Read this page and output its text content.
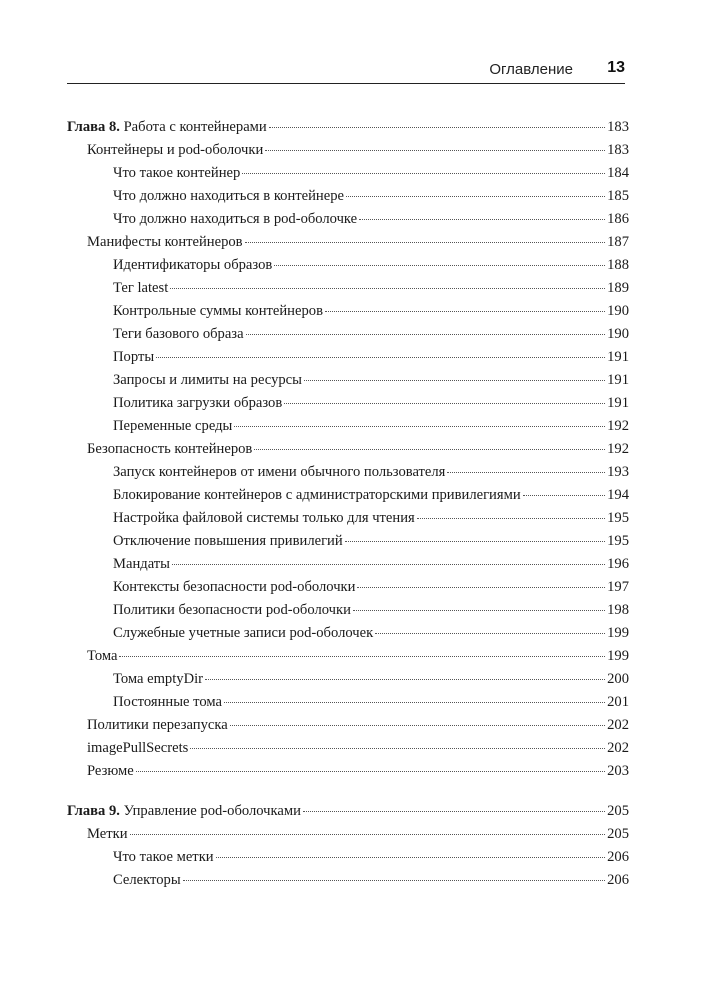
Оглавление 13
Глава 8. Работа с контейнерами	183
Контейнеры и pod-оболочки	183
Что такое контейнер	184
Что должно находиться в контейнере	185
Что должно находиться в pod-оболочке	186
Манифесты контейнеров	187
Идентификаторы образов	188
Тег latest	189
Контрольные суммы контейнеров	190
Теги базового образа	190
Порты	191
Запросы и лимиты на ресурсы	191
Политика загрузки образов	191
Переменные среды	192
Безопасность контейнеров	192
Запуск контейнеров от имени обычного пользователя	193
Блокирование контейнеров с администраторскими привилегиями	194
Настройка файловой системы только для чтения	195
Отключение повышения привилегий	195
Мандаты	196
Контексты безопасности pod-оболочки	197
Политики безопасности pod-оболочки	198
Служебные учетные записи pod-оболочек	199
Тома	199
Тома emptyDir	200
Постоянные тома	201
Политики перезапуска	202
imagePullSecrets	202
Резюме	203
Глава 9. Управление pod-оболочками	205
Метки	205
Что такое метки	206
Селекторы	206
